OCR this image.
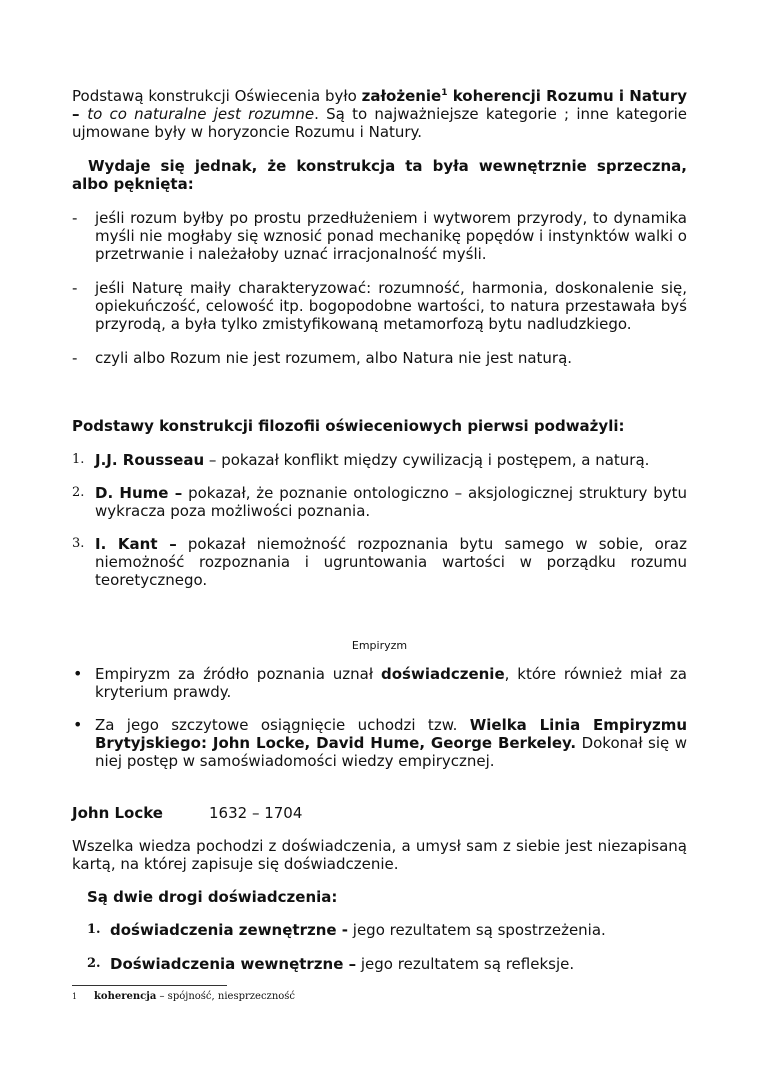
Podstawą konstrukcji Oświecenia było założenie$^1$ koherencji Rozumu i Natury – to co naturalne jest rozumne. Są to najważniejsze kategorie ; inne kategorie ujmowane były w horyzoncie Rozumu i Natury.

Wydaje się jednak, że konstrukcja ta była wewnętrznie sprzeczna, albo pęknięta:

- jeśli rozum byłby po prostu przedłużeniem i wytworem przyrody, to dynamika myśli nie mogłaby się wznosić ponad mechanikę popędów i instynktów walki o przetrwanie i należałoby uznać irracjonalność myśli.
- jeśli Naturę maiły charakteryzować: rozumność, harmonia, doskonalenie się, opiekuńczość, celowość itp. bogopodobne wartości, to natura przestawała byś przyrodą, a była tylko zmistyfikowaną metamorfozą bytu nadludzkiego.
- czyli albo Rozum nie jest rozumem, albo Natura nie jest naturą.

Podstawy konstrukcji filozofii oświeceniowych pierwsi podważyli:

1. J.J. Rousseau – pokazał konflikt między cywilizacją i postępem, a naturą.
2. D. Hume – pokazał, że poznanie ontologiczno – aksjologicznej struktury bytu wykracza poza możliwości poznania.
3. I. Kant – pokazał niemożność rozpoznania bytu samego w sobie, oraz niemożność rozpoznania i ugruntowania wartości w porządku rozumu teoretycznego.

Empiryzm

• Empiryzm za źródło poznania uznał doświadczenie, które również miał za kryterium prawdy.
• Za jego szczytowe osiągnięcie uchodzi tzw. Wielka Linia Empiryzmu Brytyjskiego: John Locke, David Hume, George Berkeley. Dokonał się w niej postęp w samoświadomości wiedzy empirycznej.

John Locke	1632 – 1704

Wszelka wiedza pochodzi z doświadczenia, a umysł sam z siebie jest niezapisaną kartą, na której zapisuje się doświadczenie.

Są dwie drogi doświadczenia:

1. doświadczenia zewnętrzne - jego rezultatem są spostrzeżenia.
2. Doświadczenia wewnętrzne – jego rezultatem są refleksje.
1 koherencja – spójność, niesprzeczność
